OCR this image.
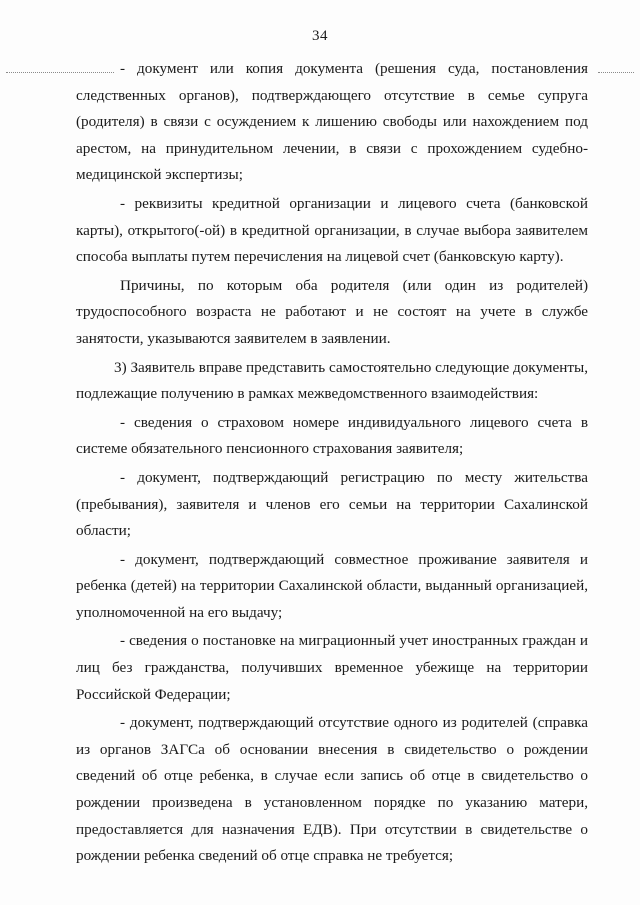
34

- документ или копия документа (решения суда, постановления следственных органов), подтверждающего отсутствие в семье супруга (родителя) в связи с осуждением к лишению свободы или нахождением под арестом, на принудительном лечении, в связи с прохождением судебно-медицинской экспертизы;

- реквизиты кредитной организации и лицевого счета (банковской карты), открытого(-ой) в кредитной организации, в случае выбора заявителем способа выплаты путем перечисления на лицевой счет (банковскую карту).

Причины, по которым оба родителя (или один из родителей) трудоспособного возраста не работают и не состоят на учете в службе занятости, указываются заявителем в заявлении.

3) Заявитель вправе представить самостоятельно следующие документы, подлежащие получению в рамках межведомственного взаимодействия:

- сведения о страховом номере индивидуального лицевого счета в системе обязательного пенсионного страхования заявителя;

- документ, подтверждающий регистрацию по месту жительства (пребывания), заявителя и членов его семьи на территории Сахалинской области;

- документ, подтверждающий совместное проживание заявителя и ребенка (детей) на территории Сахалинской области, выданный организацией, уполномоченной на его выдачу;

- сведения о постановке на миграционный учет иностранных граждан и лиц без гражданства, получивших временное убежище на территории Российской Федерации;

- документ, подтверждающий отсутствие одного из родителей (справка из органов ЗАГСа об основании внесения в свидетельство о рождении сведений об отце ребенка, в случае если запись об отце в свидетельство о рождении произведена в установленном порядке по указанию матери, предоставляется для назначения ЕДВ). При отсутствии в свидетельстве о рождении ребенка сведений об отце справка не требуется;
